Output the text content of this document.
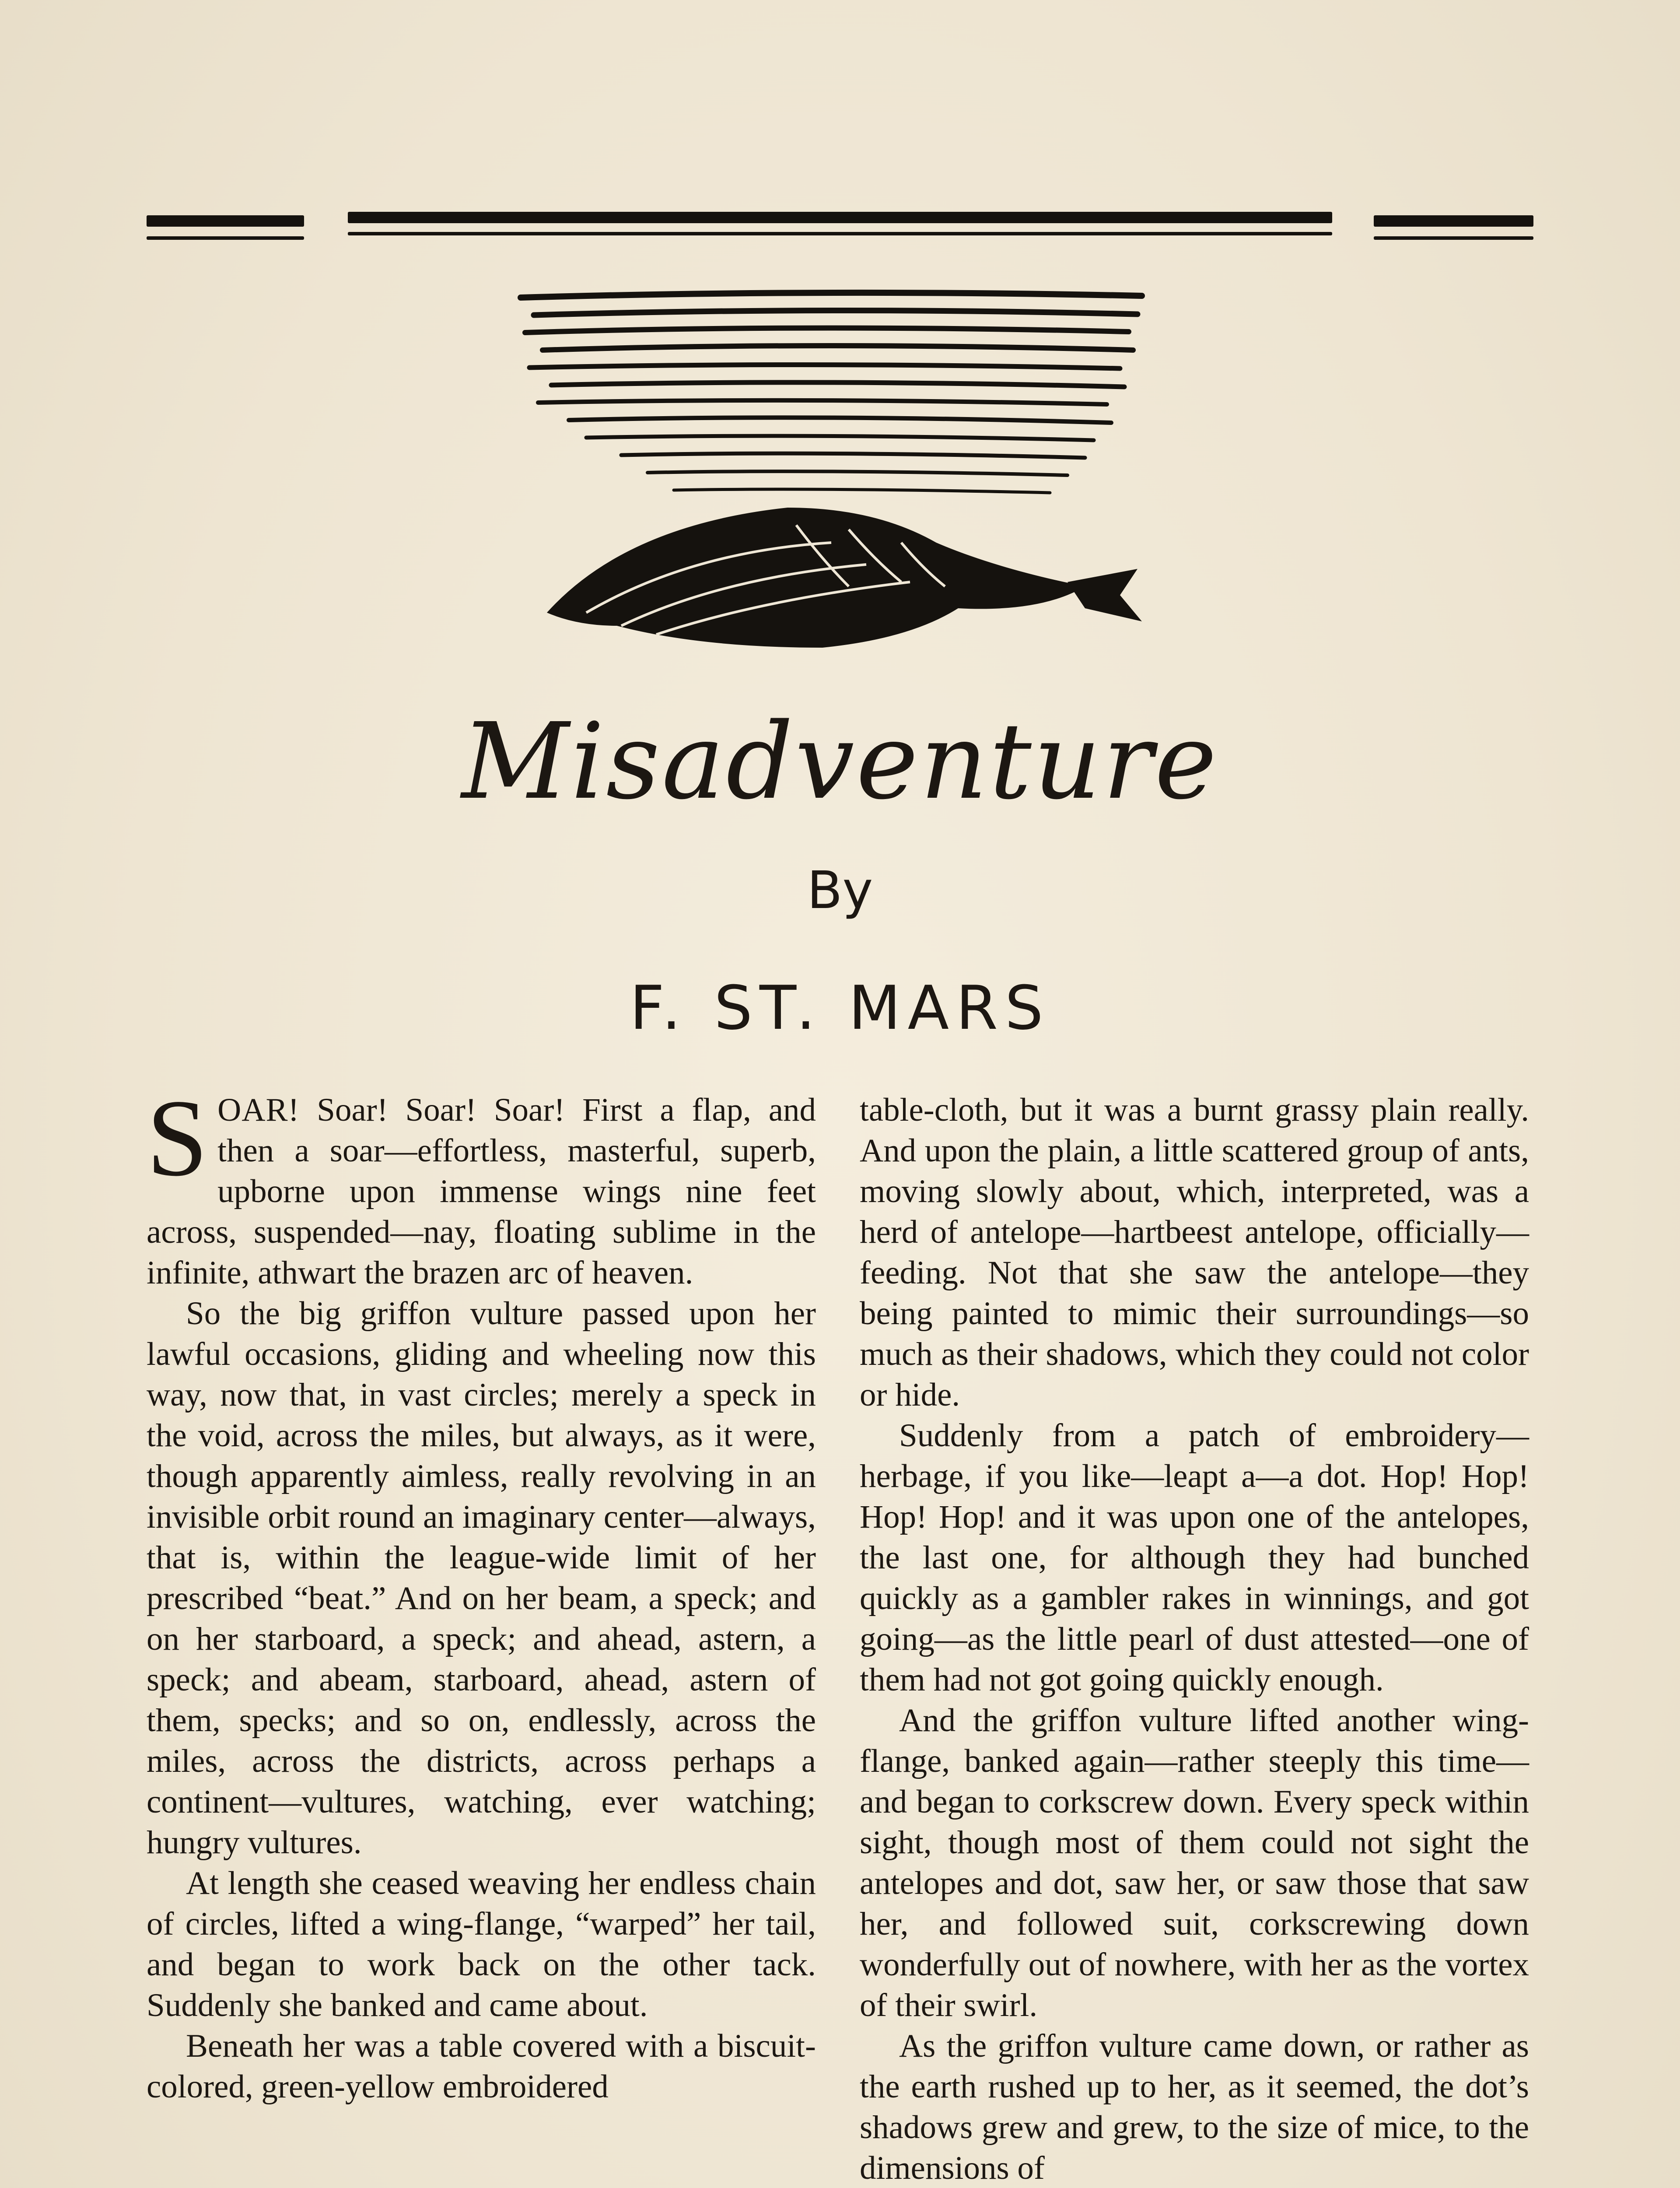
Misadventure
By
F. ST. MARS

SOAR! Soar! Soar! Soar! First a flap, and then a soar—effortless, masterful, superb, upborne upon immense wings nine feet across, suspended—nay, floating sublime in the infinite, athwart the brazen arc of heaven.

So the big griffon vulture passed upon her lawful occasions, gliding and wheeling now this way, now that, in vast circles; merely a speck in the void, across the miles, but always, as it were, though apparently aimless, really revolving in an invisible orbit round an imaginary center—always, that is, within the league-wide limit of her prescribed “beat.” And on her beam, a speck; and on her starboard, a speck; and ahead, astern, a speck; and abeam, starboard, ahead, astern of them, specks; and so on, endlessly, across the miles, across the districts, across perhaps a continent—vultures, watching, ever watching; hungry vultures.

At length she ceased weaving her endless chain of circles, lifted a wing-flange, “warped” her tail, and began to work back on the other tack. Suddenly she banked and came about.

Beneath her was a table covered with a biscuit-colored, green-yellow embroidered

table-cloth, but it was a burnt grassy plain really. And upon the plain, a little scattered group of ants, moving slowly about, which, interpreted, was a herd of antelope—hartbeest antelope, officially—feeding. Not that she saw the antelope—they being painted to mimic their surroundings—so much as their shadows, which they could not color or hide.

Suddenly from a patch of embroidery—herbage, if you like—leapt a—a dot. Hop! Hop! Hop! Hop! and it was upon one of the antelopes, the last one, for although they had bunched quickly as a gambler rakes in winnings, and got going—as the little pearl of dust attested—one of them had not got going quickly enough.

And the griffon vulture lifted another wing-flange, banked again—rather steeply this time—and began to corkscrew down. Every speck within sight, though most of them could not sight the antelopes and dot, saw her, or saw those that saw her, and followed suit, corkscrewing down wonderfully out of nowhere, with her as the vortex of their swirl.

As the griffon vulture came down, or rather as the earth rushed up to her, as it seemed, the dot’s shadows grew and grew, to the size of mice, to the dimensions of
